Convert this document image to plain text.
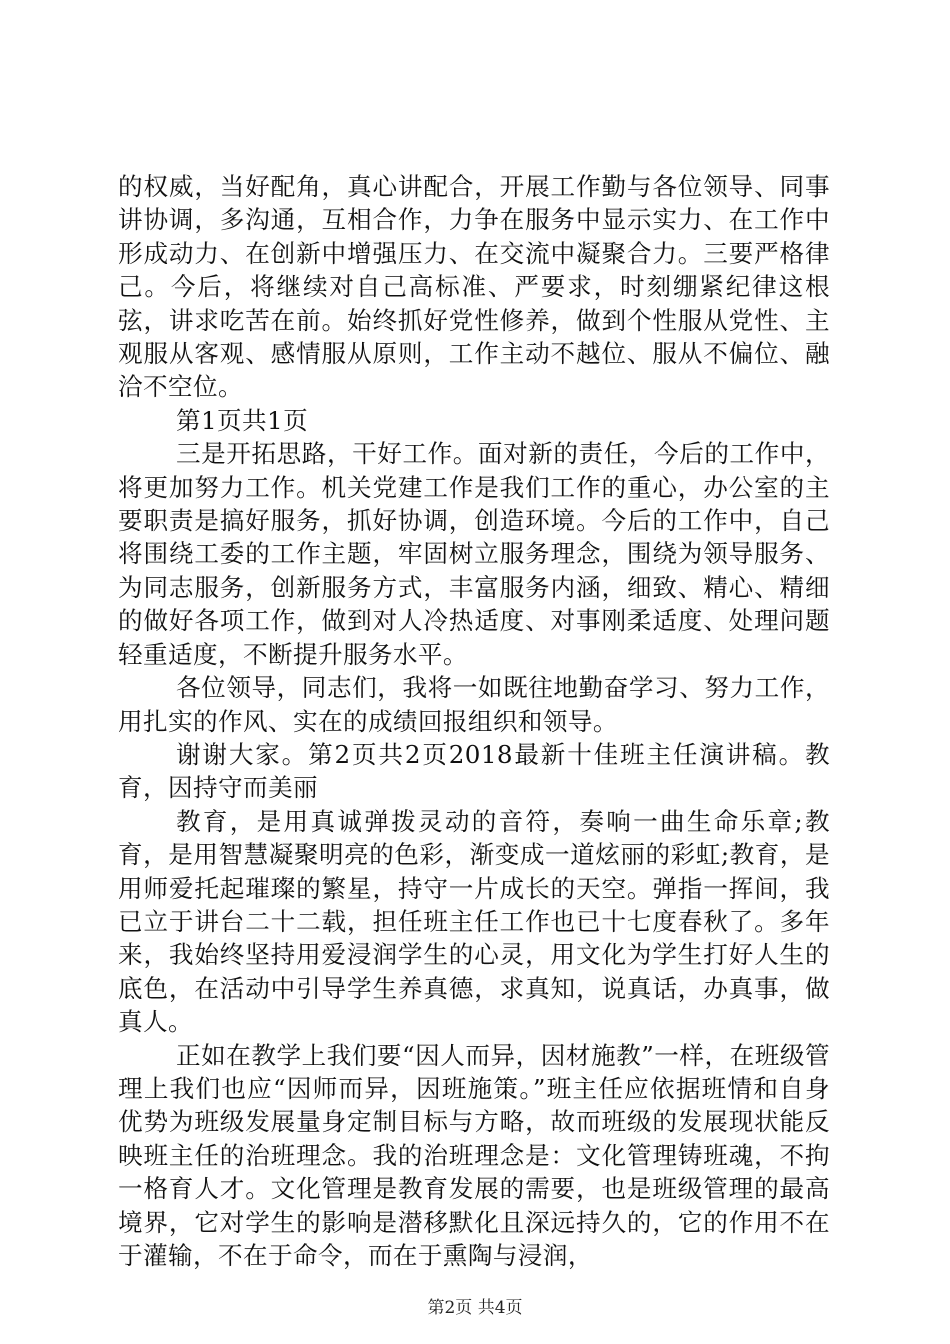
的权威，当好配角，真心讲配合，开展工作勤与各位领导、同事讲协调，多沟通，互相合作，力争在服务中显示实力、在工作中形成动力、在创新中增强压力、在交流中凝聚合力。三要严格律己。今后，将继续对自己高标准、严要求，时刻绷紧纪律这根弦，讲求吃苦在前。始终抓好党性修养，做到个性服从党性、主观服从客观、感情服从原则，工作主动不越位、服从不偏位、融洽不空位。

第1页共1页

三是开拓思路，干好工作。面对新的责任，今后的工作中，将更加努力工作。机关党建工作是我们工作的重心，办公室的主要职责是搞好服务，抓好协调，创造环境。今后的工作中，自己将围绕工委的工作主题，牢固树立服务理念，围绕为领导服务、为同志服务，创新服务方式，丰富服务内涵，细致、精心、精细的做好各项工作，做到对人冷热适度、对事刚柔适度、处理问题轻重适度，不断提升服务水平。

各位领导，同志们，我将一如既往地勤奋学习、努力工作，用扎实的作风、实在的成绩回报组织和领导。

谢谢大家。第2页共2页2018最新十佳班主任演讲稿。教育，因持守而美丽

教育，是用真诚弹拨灵动的音符，奏响一曲生命乐章;教育，是用智慧凝聚明亮的色彩，渐变成一道炫丽的彩虹;教育，是用师爱托起璀璨的繁星，持守一片成长的天空。弹指一挥间，我已立于讲台二十二载，担任班主任工作也已十七度春秋了。多年来，我始终坚持用爱浸润学生的心灵，用文化为学生打好人生的底色，在活动中引导学生养真德，求真知，说真话，办真事，做真人。

正如在教学上我们要“因人而异，因材施教”一样，在班级管理上我们也应“因师而异，因班施策。”班主任应依据班情和自身优势为班级发展量身定制目标与方略，故而班级的发展现状能反映班主任的治班理念。我的治班理念是：文化管理铸班魂，不拘一格育人才。文化管理是教育发展的需要，也是班级管理的最高境界，它对学生的影响是潜移默化且深远持久的，它的作用不在于灌输，不在于命令，而在于熏陶与浸润，

第2页 共4页
